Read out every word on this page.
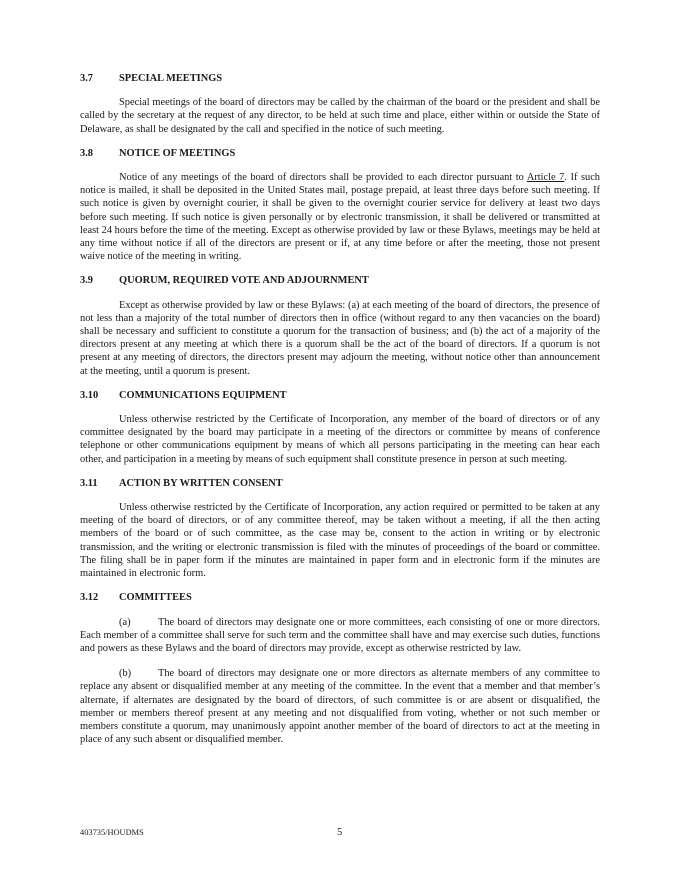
3.7	SPECIAL MEETINGS

Special meetings of the board of directors may be called by the chairman of the board or the president and shall be called by the secretary at the request of any director, to be held at such time and place, either within or outside the State of Delaware, as shall be designated by the call and specified in the notice of such meeting.

3.8	NOTICE OF MEETINGS

Notice of any meetings of the board of directors shall be provided to each director pursuant to Article 7. If such notice is mailed, it shall be deposited in the United States mail, postage prepaid, at least three days before such meeting. If such notice is given by overnight courier, it shall be given to the overnight courier service for delivery at least two days before such meeting. If such notice is given personally or by electronic transmission, it shall be delivered or transmitted at least 24 hours before the time of the meeting. Except as otherwise provided by law or these Bylaws, meetings may be held at any time without notice if all of the directors are present or if, at any time before or after the meeting, those not present waive notice of the meeting in writing.

3.9	QUORUM, REQUIRED VOTE AND ADJOURNMENT

Except as otherwise provided by law or these Bylaws: (a) at each meeting of the board of directors, the presence of not less than a majority of the total number of directors then in office (without regard to any then vacancies on the board) shall be necessary and sufficient to constitute a quorum for the transaction of business; and (b) the act of a majority of the directors present at any meeting at which there is a quorum shall be the act of the board of directors. If a quorum is not present at any meeting of directors, the directors present may adjourn the meeting, without notice other than announcement at the meeting, until a quorum is present.

3.10	COMMUNICATIONS EQUIPMENT

Unless otherwise restricted by the Certificate of Incorporation, any member of the board of directors or of any committee designated by the board may participate in a meeting of the directors or committee by means of conference telephone or other communications equipment by means of which all persons participating in the meeting can hear each other, and participation in a meeting by means of such equipment shall constitute presence in person at such meeting.

3.11	ACTION BY WRITTEN CONSENT

Unless otherwise restricted by the Certificate of Incorporation, any action required or permitted to be taken at any meeting of the board of directors, or of any committee thereof, may be taken without a meeting, if all the then acting members of the board or of such committee, as the case may be, consent to the action in writing or by electronic transmission, and the writing or electronic transmission is filed with the minutes of proceedings of the board or committee. The filing shall be in paper form if the minutes are maintained in paper form and in electronic form if the minutes are maintained in electronic form.

3.12	COMMITTEES

(a)	The board of directors may designate one or more committees, each consisting of one or more directors. Each member of a committee shall serve for such term and the committee shall have and may exercise such duties, functions and powers as these Bylaws and the board of directors may provide, except as otherwise restricted by law.

(b)	The board of directors may designate one or more directors as alternate members of any committee to replace any absent or disqualified member at any meeting of the committee. In the event that a member and that member’s alternate, if alternates are designated by the board of directors, of such committee is or are absent or disqualified, the member or members thereof present at any meeting and not disqualified from voting, whether or not such member or members constitute a quorum, may unanimously appoint another member of the board of directors to act at the meeting in place of any such absent or disqualified member.

403735/HOUDMS	5
